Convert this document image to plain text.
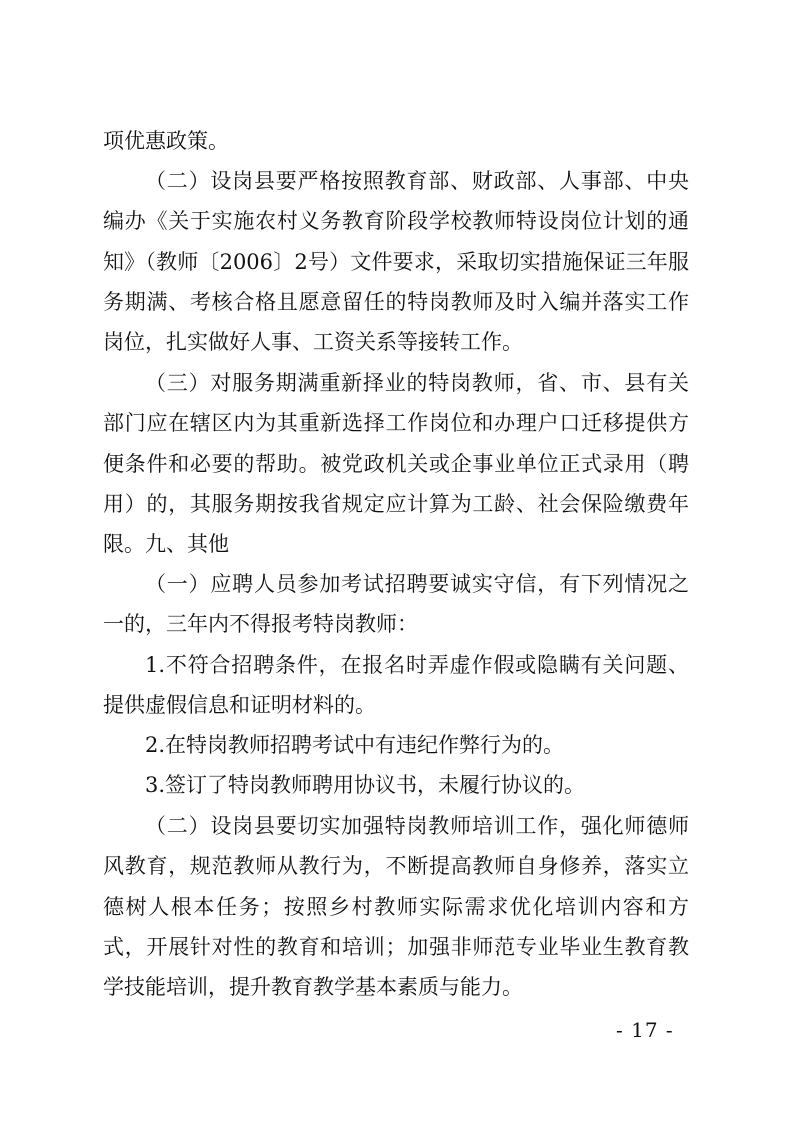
项优惠政策。

（二）设岗县要严格按照教育部、财政部、人事部、中央编办《关于实施农村义务教育阶段学校教师特设岗位计划的通知》（教师〔2006〕2号）文件要求，采取切实措施保证三年服务期满、考核合格且愿意留任的特岗教师及时入编并落实工作岗位，扎实做好人事、工资关系等接转工作。

（三）对服务期满重新择业的特岗教师，省、市、县有关部门应在辖区内为其重新选择工作岗位和办理户口迁移提供方便条件和必要的帮助。被党政机关或企事业单位正式录用（聘用）的，其服务期按我省规定应计算为工龄、社会保险缴费年限。 九、其他

（一）应聘人员参加考试招聘要诚实守信，有下列情况之一的，三年内不得报考特岗教师：

1.不符合招聘条件，在报名时弄虚作假或隐瞒有关问题、提供虚假信息和证明材料的。

2.在特岗教师招聘考试中有违纪作弊行为的。

3.签订了特岗教师聘用协议书，未履行协议的。

（二）设岗县要切实加强特岗教师培训工作，强化师德师风教育，规范教师从教行为，不断提高教师自身修养，落实立德树人根本任务；按照乡村教师实际需求优化培训内容和方式，开展针对性的教育和培训；加强非师范专业毕业生教育教学技能培训，提升教育教学基本素质与能力。

- 17 -
